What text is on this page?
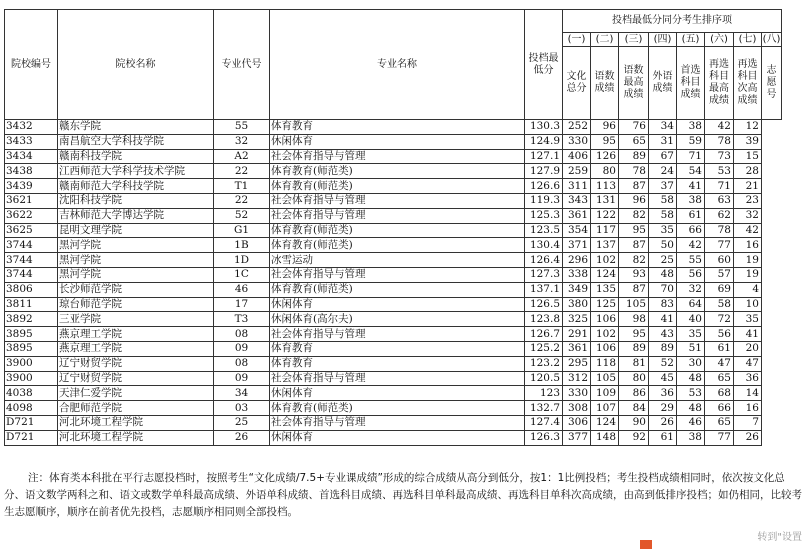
院校编号	院校名称	专业代号	专业名称	投档最低分	投档最低分同分考生排序项							
					(一)	(二)	(三)	(四)	(五)	(六)	(七)	(八)
					文化总分	语数成绩	语数最高成绩	外语成绩	首选科目成绩	再选科目最高成绩	再选科目次高成绩	志愿号
3432	赣东学院	55	体育教育	130.3	252	96	76	34	38	42	12	
3433	南昌航空大学科技学院	32	休闲体育	124.9	330	95	65	31	59	78	39	
3434	赣南科技学院	A2	社会体育指导与管理	127.1	406	126	89	67	71	73	15	
3438	江西师范大学科学技术学院	22	体育教育(师范类)	127.9	259	80	78	24	54	53	28	
3439	赣南师范大学科技学院	T1	体育教育(师范类)	126.6	311	113	87	37	41	71	21	
3621	沈阳科技学院	22	社会体育指导与管理	119.3	343	131	96	58	38	63	23	
3622	吉林师范大学博达学院	52	社会体育指导与管理	125.3	361	122	82	58	61	62	32	
3625	昆明文理学院	G1	体育教育(师范类)	123.5	354	117	95	35	66	78	42	
3744	黑河学院	1B	体育教育(师范类)	130.4	371	137	87	50	42	77	16	
3744	黑河学院	1D	冰雪运动	126.4	296	102	82	25	55	60	19	
3744	黑河学院	1C	社会体育指导与管理	127.3	338	124	93	48	56	57	19	
3806	长沙师范学院	46	体育教育(师范类)	137.1	349	135	87	70	32	69	4	
3811	琼台师范学院	17	休闲体育	126.5	380	125	105	83	64	58	10	
3892	三亚学院	T3	休闲体育(高尔夫)	123.8	325	106	98	41	40	72	35	
3895	燕京理工学院	08	社会体育指导与管理	126.7	291	102	95	43	35	56	41	
3895	燕京理工学院	09	体育教育	125.2	361	106	89	89	51	61	20	
3900	辽宁财贸学院	08	体育教育	123.2	295	118	81	52	30	47	47	
3900	辽宁财贸学院	09	社会体育指导与管理	120.5	312	105	80	45	48	65	36	
4038	天津仁爱学院	34	休闲体育	123	330	109	86	36	53	68	14	
4098	合肥师范学院	03	体育教育(师范类)	132.7	308	107	84	29	48	66	16	
D721	河北环境工程学院	25	社会体育指导与管理	127.4	306	124	90	26	46	65	7	
D721	河北环境工程学院	26	休闲体育	126.3	377	148	92	61	38	77	26	

注：体育类本科批在平行志愿投档时，按照考生“文化成绩/7.5+专业课成绩”形成的综合成绩从高分到低分，按1：1比例投档；考生投档成绩相同时，依次按文化总分、语文数学两科之和、语文或数学单科最高成绩、外语单科成绩、首选科目成绩、再选科目单科最高成绩、再选科目单科次高成绩，由高到低排序投档；如仍相同，比较考生志愿顺序，顺序在前者优先投档，志愿顺序相同则全部投档。

转到"设置
